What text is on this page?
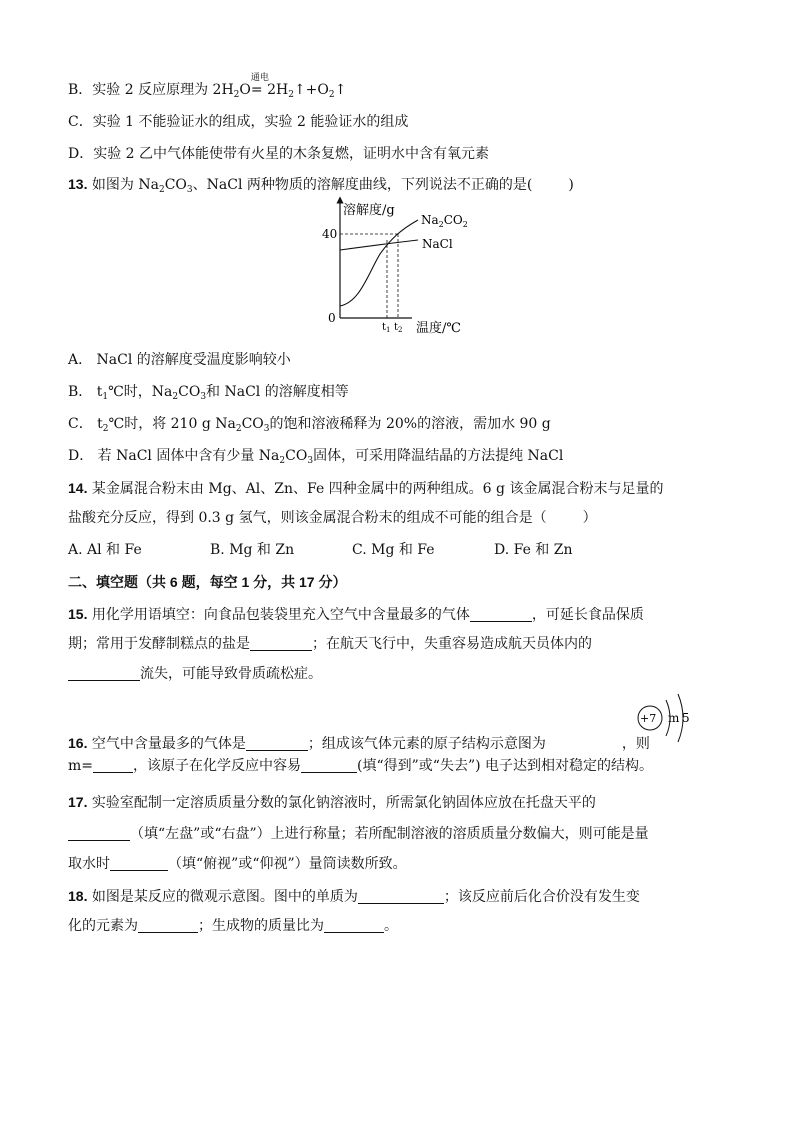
B．实验 2 反应原理为 $2H_2O$
通电
= $2H_2↑+O_2↑$
C．实验 1 不能验证水的组成，实验 2 能验证水的组成
D．实验 2 乙中气体能使带有火星的木条复燃，证明水中含有氧元素
13. 如图为 $Na_2CO_3$、NaCl 两种物质的溶解度曲线，下列说法不正确的是(	)
溶解度/g
40
0
$Na_2CO_2$
NaCl
$t_1$ $t_2$ 温度/℃
A． NaCl 的溶解度受温度影响较小
B． $t_1℃$时，$Na_2CO_3$和 NaCl 的溶解度相等
C． $t_2℃$时，将 210 g $Na_2CO_3$的饱和溶液稀释为 20%的溶液，需加水 90 g
D． 若 NaCl 固体中含有少量 $Na_2CO_3$固体，可采用降温结晶的方法提纯 NaCl
14. 某金属混合粉末由 Mg、Al、Zn、Fe 四种金属中的两种组成。6 g 该金属混合粉末与足量的
盐酸充分反应，得到 0.3 g 氢气，则该金属混合粉末的组成不可能的组合是（	）
A. Al 和 Fe	B. Mg 和 Zn	C. Mg 和 Fe	D. Fe 和 Zn
二、填空题（共 6 题，每空 1 分，共 17 分）
15. 用化学用语填空：向食品包装袋里充入空气中含量最多的气体	，可延长食品保质
期；常用于发酵制糕点的盐是	；在航天飞行中，失重容易造成航天员体内的
流失，可能导致骨质疏松症。
+7 m 5
16. 空气中含量最多的气体是	；组成该气体元素的原子结构示意图为	，则
m=	，该原子在化学反应中容易	(填“得到”或“失去”) 电子达到相对稳定的结构。
17. 实验室配制一定溶质质量分数的氯化钠溶液时，所需氯化钠固体应放在托盘天平的
（填“左盘”或“右盘”）上进行称量；若所配制溶液的溶质质量分数偏大，则可能是量
取水时	（填“俯视”或“仰视”）量筒读数所致。
18. 如图是某反应的微观示意图。图中的单质为	；该反应前后化合价没有发生变
化的元素为	；生成物的质量比为	。
